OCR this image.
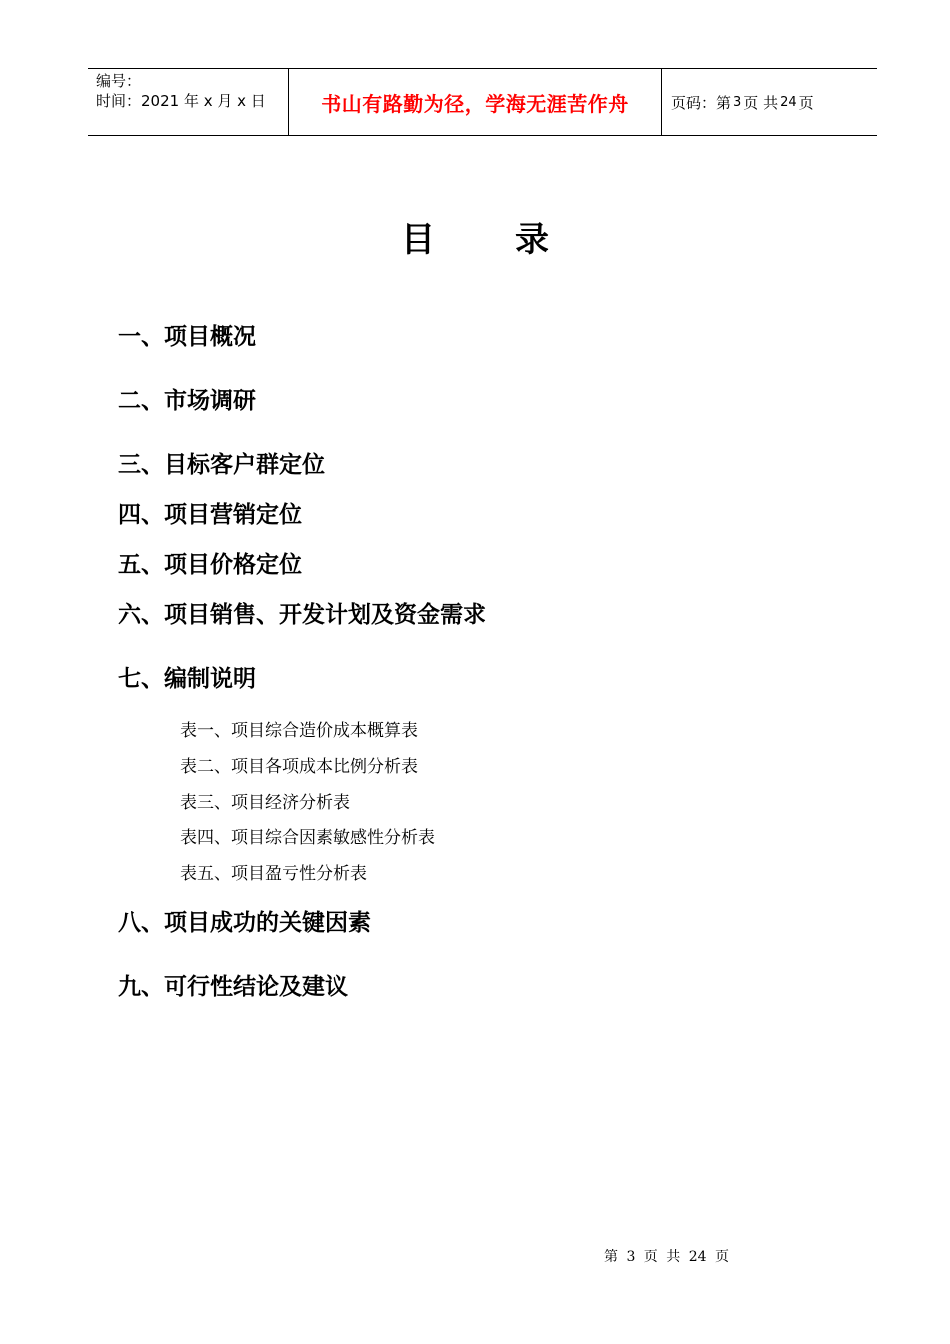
编号：
时间：2021 年 x 月 x 日	书山有路勤为径，学海无涯苦作舟	页码：第 3 页 共 24 页
目录
一、项目概况
二、市场调研
三、目标客户群定位
四、项目营销定位
五、项目价格定位
六、项目销售、开发计划及资金需求
七、编制说明
表一、项目综合造价成本概算表
表二、项目各项成本比例分析表
表三、项目经济分析表
表四、项目综合因素敏感性分析表
表五、项目盈亏性分析表
八、项目成功的关键因素
九、可行性结论及建议
第 3 页 共 24 页
